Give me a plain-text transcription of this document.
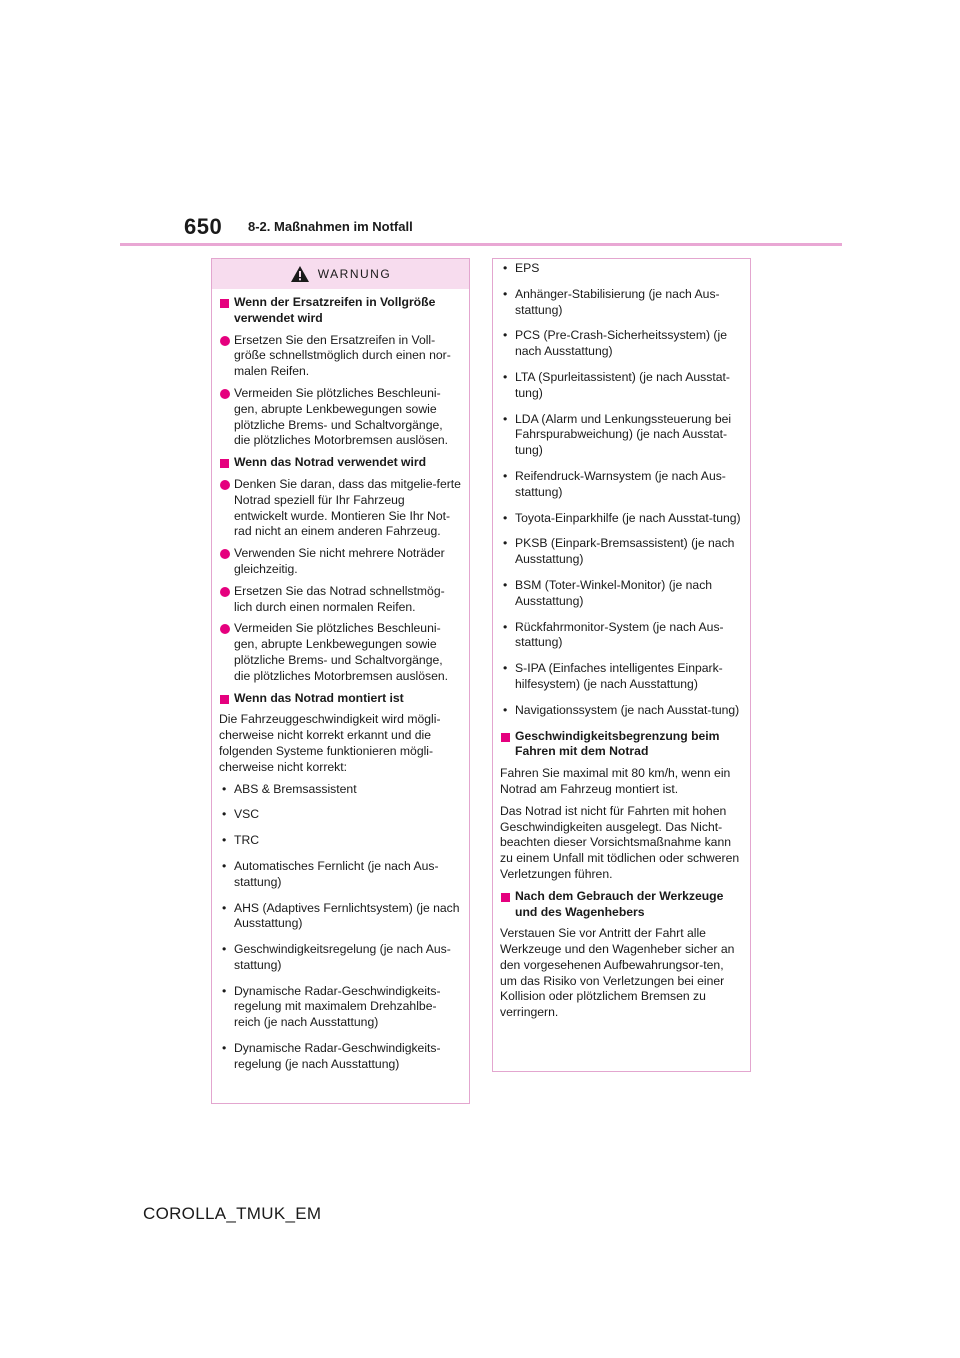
650 8-2. Maßnahmen im Notfall
WARNUNG
Wenn der Ersatzreifen in Vollgröße verwendet wird
Ersetzen Sie den Ersatzreifen in Voll-größe schnellstmöglich durch einen nor-malen Reifen.
Vermeiden Sie plötzliches Beschleuni-gen, abrupte Lenkbewegungen sowie plötzliche Brems- und Schaltvorgänge, die plötzliches Motorbremsen auslösen.
Wenn das Notrad verwendet wird
Denken Sie daran, dass das mitgelie-ferte Notrad speziell für Ihr Fahrzeug entwickelt wurde. Montieren Sie Ihr Not-rad nicht an einem anderen Fahrzeug.
Verwenden Sie nicht mehrere Noträder gleichzeitig.
Ersetzen Sie das Notrad schnellstmög-lich durch einen normalen Reifen.
Vermeiden Sie plötzliches Beschleuni-gen, abrupte Lenkbewegungen sowie plötzliche Brems- und Schaltvorgänge, die plötzliches Motorbremsen auslösen.
Wenn das Notrad montiert ist
Die Fahrzeuggeschwindigkeit wird mögli-cherweise nicht korrekt erkannt und die folgenden Systeme funktionieren mögli-cherweise nicht korrekt:
• ABS & Bremsassistent
• VSC
• TRC
• Automatisches Fernlicht (je nach Aus-stattung)
• AHS (Adaptives Fernlichtsystem) (je nach Ausstattung)
• Geschwindigkeitsregelung (je nach Aus-stattung)
• Dynamische Radar-Geschwindigkeits-regelung mit maximalem Drehzahlbe-reich (je nach Ausstattung)
• Dynamische Radar-Geschwindigkeits-regelung (je nach Ausstattung)
• EPS
• Anhänger-Stabilisierung (je nach Aus-stattung)
• PCS (Pre-Crash-Sicherheitssystem) (je nach Ausstattung)
• LTA (Spurleitassistent) (je nach Ausstat-tung)
• LDA (Alarm und Lenkungssteuerung bei Fahrspurabweichung) (je nach Ausstat-tung)
• Reifendruck-Warnsystem (je nach Aus-stattung)
• Toyota-Einparkhilfe (je nach Ausstat-tung)
• PKSB (Einpark-Bremsassistent) (je nach Ausstattung)
• BSM (Toter-Winkel-Monitor) (je nach Ausstattung)
• Rückfahrmonitor-System (je nach Aus-stattung)
• S-IPA (Einfaches intelligentes Einpark-hilfesystem) (je nach Ausstattung)
• Navigationssystem (je nach Ausstat-tung)
Geschwindigkeitsbegrenzung beim Fahren mit dem Notrad
Fahren Sie maximal mit 80 km/h, wenn ein Notrad am Fahrzeug montiert ist.
Das Notrad ist nicht für Fahrten mit hohen Geschwindigkeiten ausgelegt. Das Nicht-beachten dieser Vorsichtsmaßnahme kann zu einem Unfall mit tödlichen oder schweren Verletzungen führen.
Nach dem Gebrauch der Werkzeuge und des Wagenhebers
Verstauen Sie vor Antritt der Fahrt alle Werkzeuge und den Wagenheber sicher an den vorgesehenen Aufbewahrungsor-ten, um das Risiko von Verletzungen bei einer Kollision oder plötzlichem Bremsen zu verringern.
COROLLA_TMUK_EM
